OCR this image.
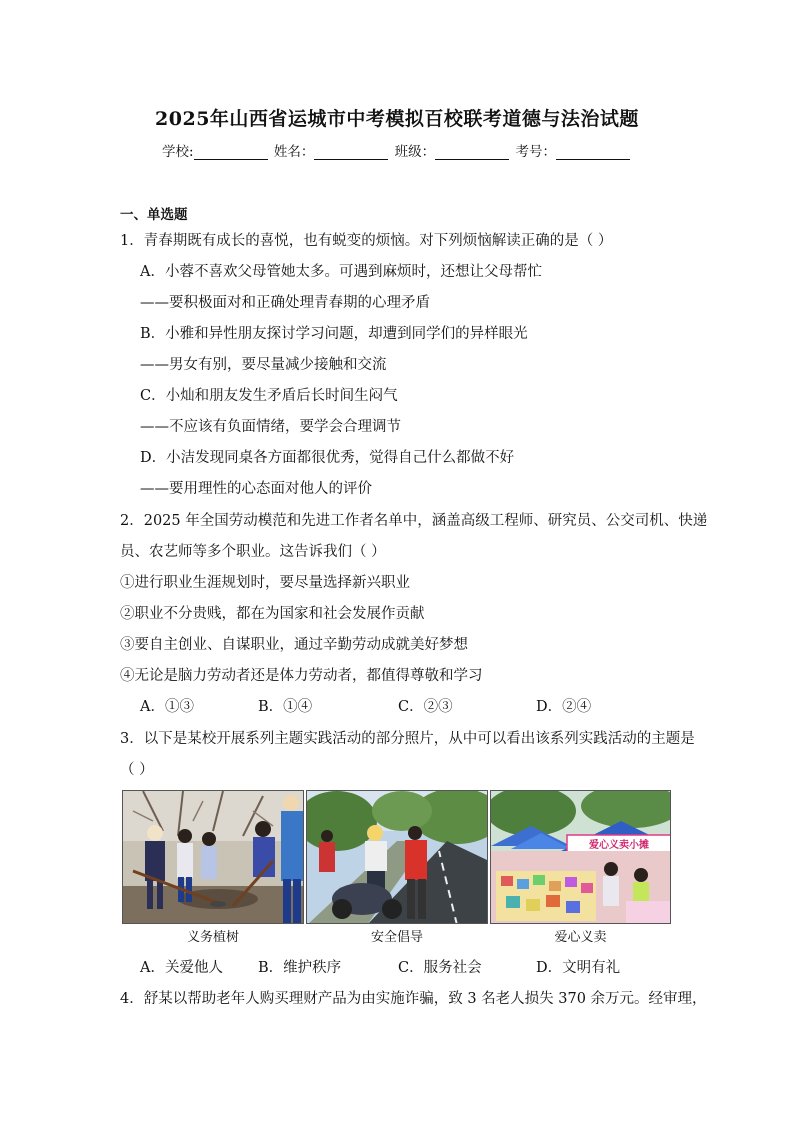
2025年山西省运城市中考模拟百校联考道德与法治试题
学校:	姓名：	班级：	考号：
一、单选题
1．青春期既有成长的喜悦，也有蜕变的烦恼。对下列烦恼解读正确的是（ ）
A．小蓉不喜欢父母管她太多。可遇到麻烦时，还想让父母帮忙
——要积极面对和正确处理青春期的心理矛盾
B．小雅和异性朋友探讨学习问题，却遭到同学们的异样眼光
——男女有别，要尽量减少接触和交流
C．小灿和朋友发生矛盾后长时间生闷气
——不应该有负面情绪，要学会合理调节
D．小洁发现同桌各方面都很优秀，觉得自己什么都做不好
——要用理性的心态面对他人的评价
2．2025 年全国劳动模范和先进工作者名单中，涵盖高级工程师、研究员、公交司机、快递
员、农艺师等多个职业。这告诉我们（ ）
①进行职业生涯规划时，要尽量选择新兴职业
②职业不分贵贱，都在为国家和社会发展作贡献
③要自主创业、自谋职业，通过辛勤劳动成就美好梦想
④无论是脑力劳动者还是体力劳动者，都值得尊敬和学习
A．①③	B．①④	C．②③	D．②④
3．以下是某校开展系列主题实践活动的部分照片，从中可以看出该系列实践活动的主题是
（ ）
爱心义卖小摊
义务植树	安全倡导	爱心义卖
A．关爱他人 B．维护秩序	C．服务社会	D．文明有礼
4．舒某以帮助老年人购买理财产品为由实施诈骗，致 3 名老人损失 370 余万元。经审理，
